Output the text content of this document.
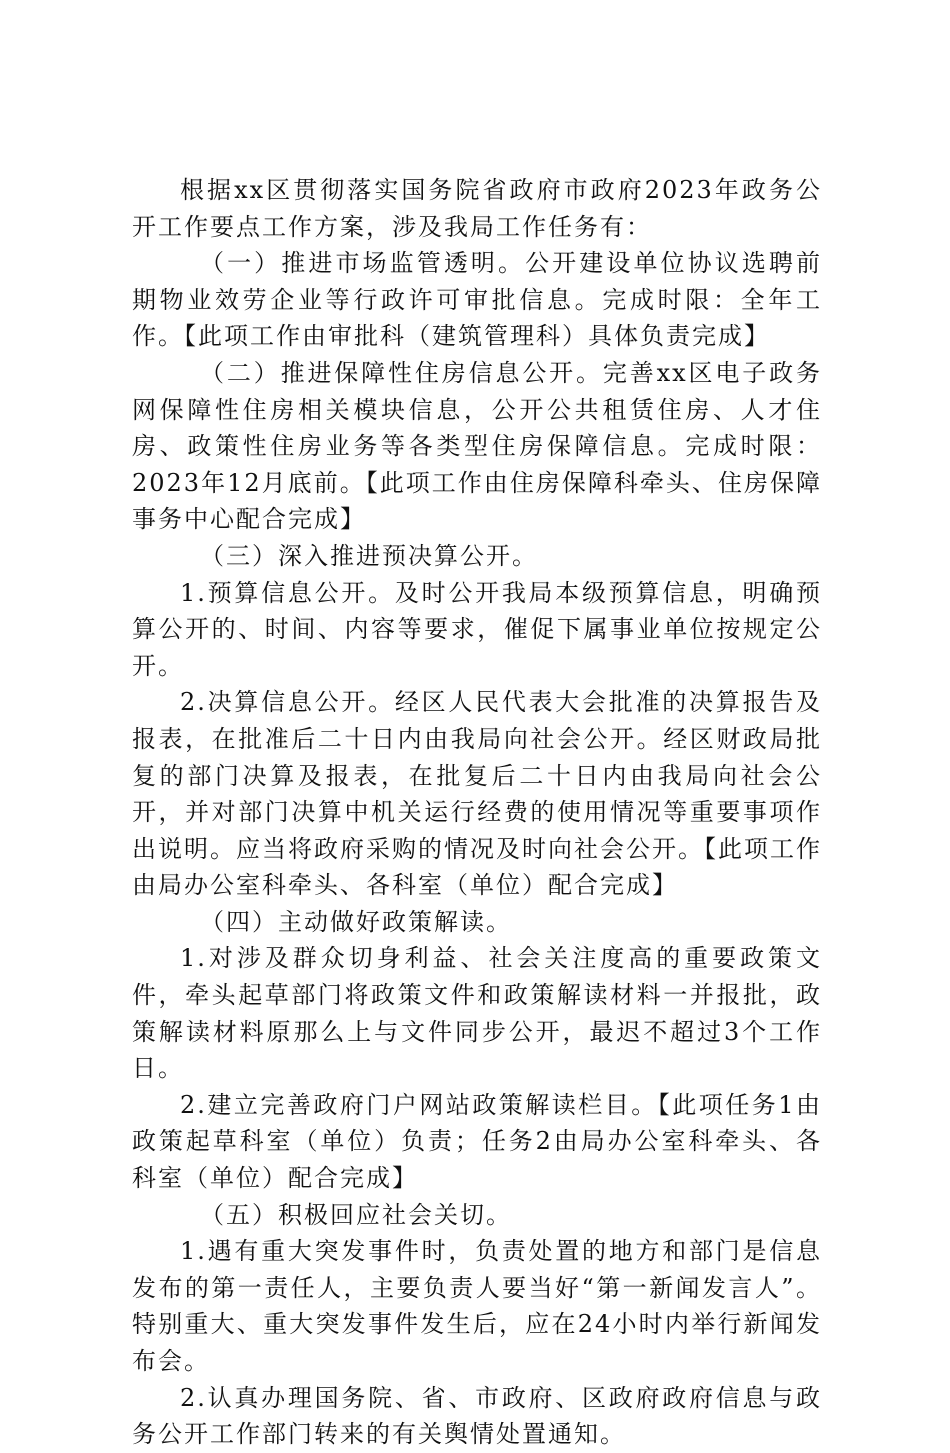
根据xx区贯彻落实国务院省政府市政府2023年政务公开工作要点工作方案，涉及我局工作任务有：

（一）推进市场监管透明。公开建设单位协议选聘前期物业效劳企业等行政许可审批信息。完成时限：全年工作。【此项工作由审批科（建筑管理科）具体负责完成】

（二）推进保障性住房信息公开。完善xx区电子政务网保障性住房相关模块信息，公开公共租赁住房、人才住房、政策性住房业务等各类型住房保障信息。完成时限：2023年12月底前。【此项工作由住房保障科牵头、住房保障事务中心配合完成】

（三）深入推进预决算公开。

1.预算信息公开。及时公开我局本级预算信息，明确预算公开的、时间、内容等要求，催促下属事业单位按规定公开。

2.决算信息公开。经区人民代表大会批准的决算报告及报表，在批准后二十日内由我局向社会公开。经区财政局批复的部门决算及报表，在批复后二十日内由我局向社会公开，并对部门决算中机关运行经费的使用情况等重要事项作出说明。应当将政府采购的情况及时向社会公开。【此项工作由局办公室科牵头、各科室（单位）配合完成】

（四）主动做好政策解读。

1.对涉及群众切身利益、社会关注度高的重要政策文件，牵头起草部门将政策文件和政策解读材料一并报批，政策解读材料原那么上与文件同步公开，最迟不超过3个工作日。

2.建立完善政府门户网站政策解读栏目。【此项任务1由政策起草科室（单位）负责；任务2由局办公室科牵头、各科室（单位）配合完成】

（五）积极回应社会关切。

1.遇有重大突发事件时，负责处置的地方和部门是信息发布的第一责任人，主要负责人要当好“第一新闻发言人”。特别重大、重大突发事件发生后，应在24小时内举行新闻发布会。

2.认真办理国务院、省、市政府、区政府政府信息与政务公开工作部门转来的有关舆情处置通知。
